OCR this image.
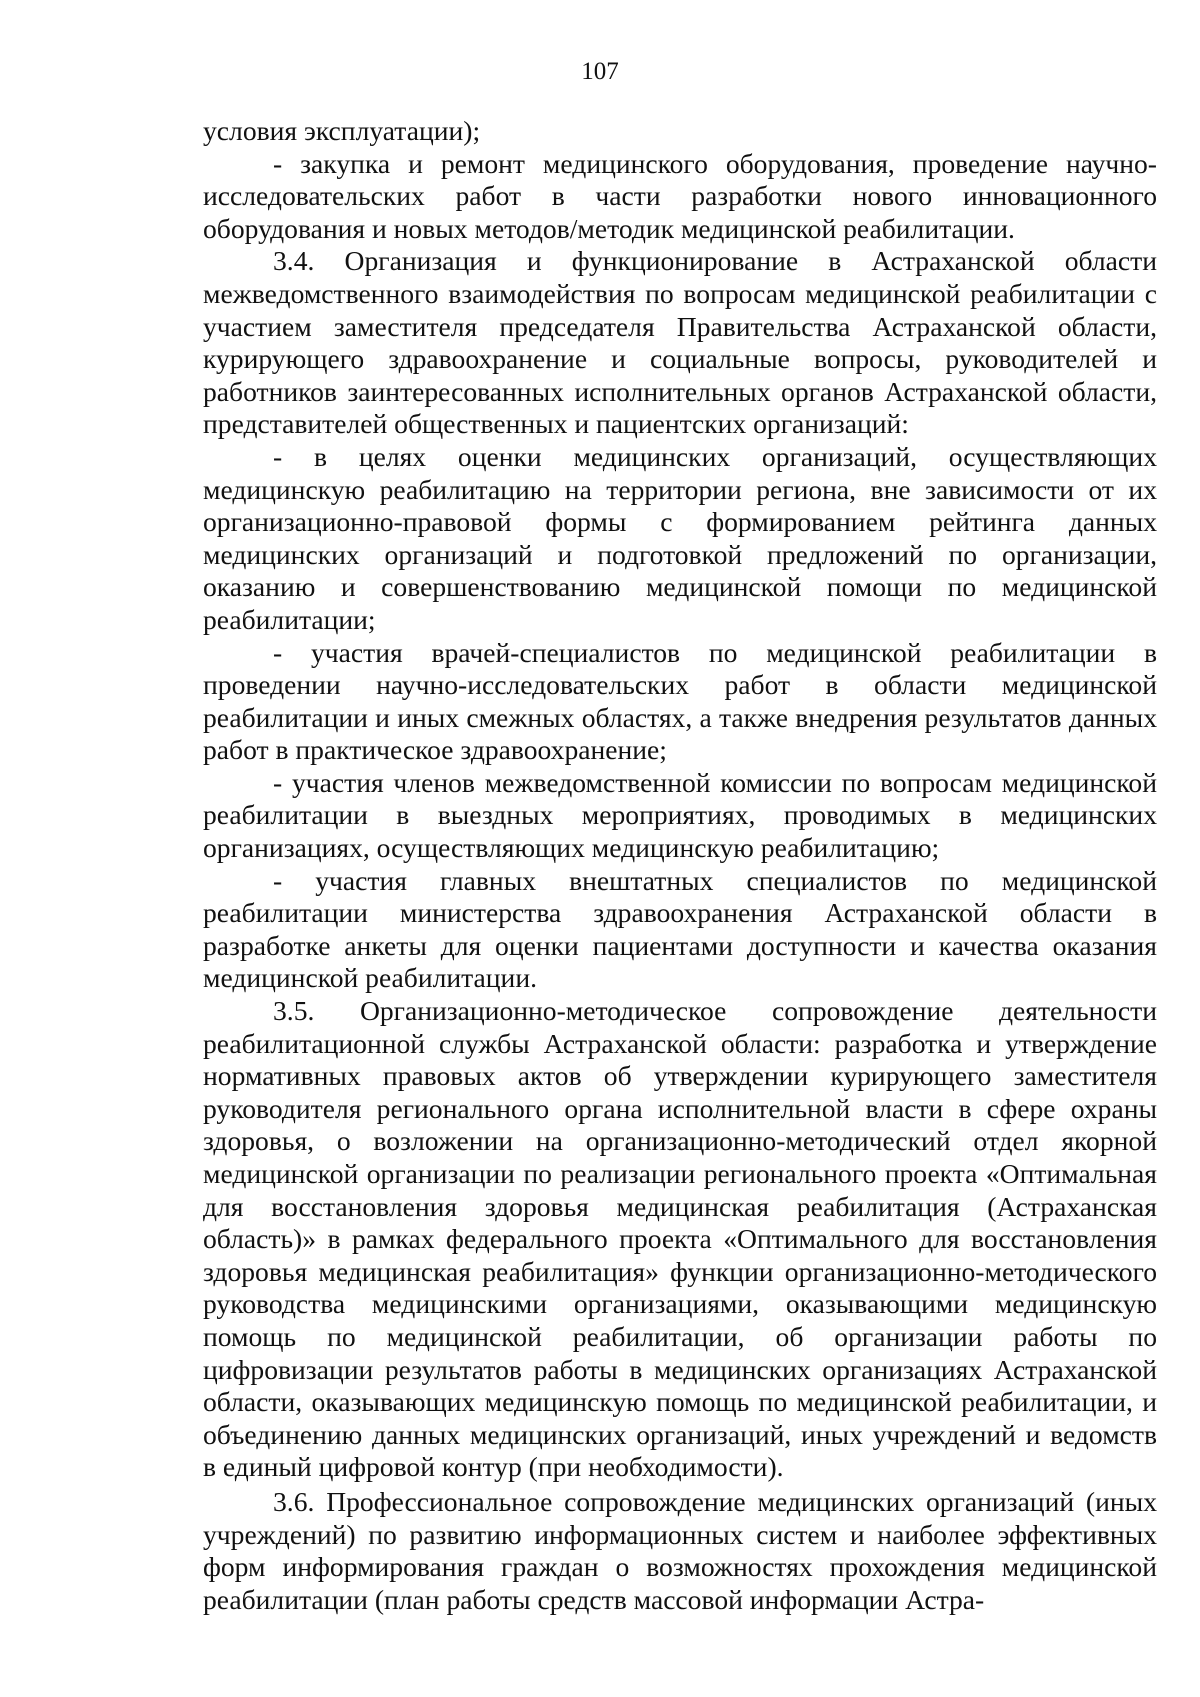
107

условия эксплуатации);

- закупка и ремонт медицинского оборудования, проведение научно-исследовательских работ в части разработки нового инновационного оборудования и новых методов/методик медицинской реабилитации.

3.4. Организация и функционирование в Астраханской области межведомственного взаимодействия по вопросам медицинской реабилитации с участием заместителя председателя Правительства Астраханской области, курирующего здравоохранение и социальные вопросы, руководителей и работников заинтересованных исполнительных органов Астраханской области, представителей общественных и пациентских организаций:

- в целях оценки медицинских организаций, осуществляющих медицинскую реабилитацию на территории региона, вне зависимости от их организационно-правовой формы с формированием рейтинга данных медицинских организаций и подготовкой предложений по организации, оказанию и совершенствованию медицинской помощи по медицинской реабилитации;

- участия врачей-специалистов по медицинской реабилитации в проведении научно-исследовательских работ в области медицинской реабилитации и иных смежных областях, а также внедрения результатов данных работ в практическое здравоохранение;

- участия членов межведомственной комиссии по вопросам медицинской реабилитации в выездных мероприятиях, проводимых в медицинских организациях, осуществляющих медицинскую реабилитацию;

- участия главных внештатных специалистов по медицинской реабилитации министерства здравоохранения Астраханской области в разработке анкеты для оценки пациентами доступности и качества оказания медицинской реабилитации.

3.5. Организационно-методическое сопровождение деятельности реабилитационной службы Астраханской области: разработка и утверждение нормативных правовых актов об утверждении курирующего заместителя руководителя регионального органа исполнительной власти в сфере охраны здоровья, о возложении на организационно-методический отдел якорной медицинской организации по реализации регионального проекта «Оптимальная для восстановления здоровья медицинская реабилитация (Астраханская область)» в рамках федерального проекта «Оптимального для восстановления здоровья медицинская реабилитация» функции организационно-методического руководства медицинскими организациями, оказывающими медицинскую помощь по медицинской реабилитации, об организации работы по цифровизации результатов работы в медицинских организациях Астраханской области, оказывающих медицинскую помощь по медицинской реабилитации, и объединению данных медицинских организаций, иных учреждений и ведомств в единый цифровой контур (при необходимости).

3.6. Профессиональное сопровождение медицинских организаций (иных учреждений) по развитию информационных систем и наиболее эффективных форм информирования граждан о возможностях прохождения медицинской реабилитации (план работы средств массовой информации Астра-
